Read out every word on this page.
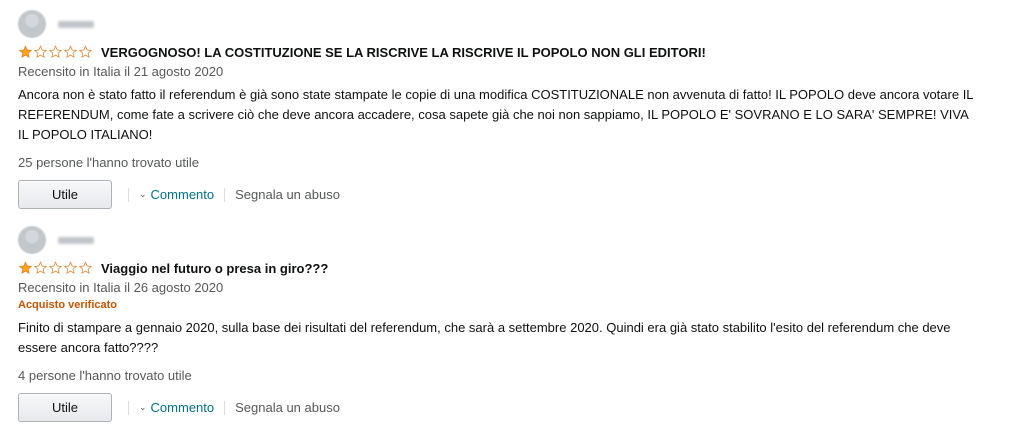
VERGOGNOSO! LA COSTITUZIONE SE LA RISCRIVE LA RISCRIVE IL POPOLO NON GLI EDITORI!
Recensito in Italia il 21 agosto 2020
Ancora non è stato fatto il referendum è già sono state stampate le copie di una modifica COSTITUZIONALE non avvenuta di fatto! IL POPOLO deve ancora votare IL REFERENDUM, come fate a scrivere ciò che deve ancora accadere, cosa sapete già che noi non sappiamo, IL POPOLO E' SOVRANO E LO SARA' SEMPRE! VIVA IL POPOLO ITALIANO!
25 persone l'hanno trovato utile
Utile	⌄ Commento Segnala un abuso
Viaggio nel futuro o presa in giro???
Recensito in Italia il 26 agosto 2020
Acquisto verificato
Finito di stampare a gennaio 2020, sulla base dei risultati del referendum, che sarà a settembre 2020. Quindi era già stato stabilito l'esito del referendum che deve essere ancora fatto????
4 persone l'hanno trovato utile
Utile	⌄ Commento Segnala un abuso
